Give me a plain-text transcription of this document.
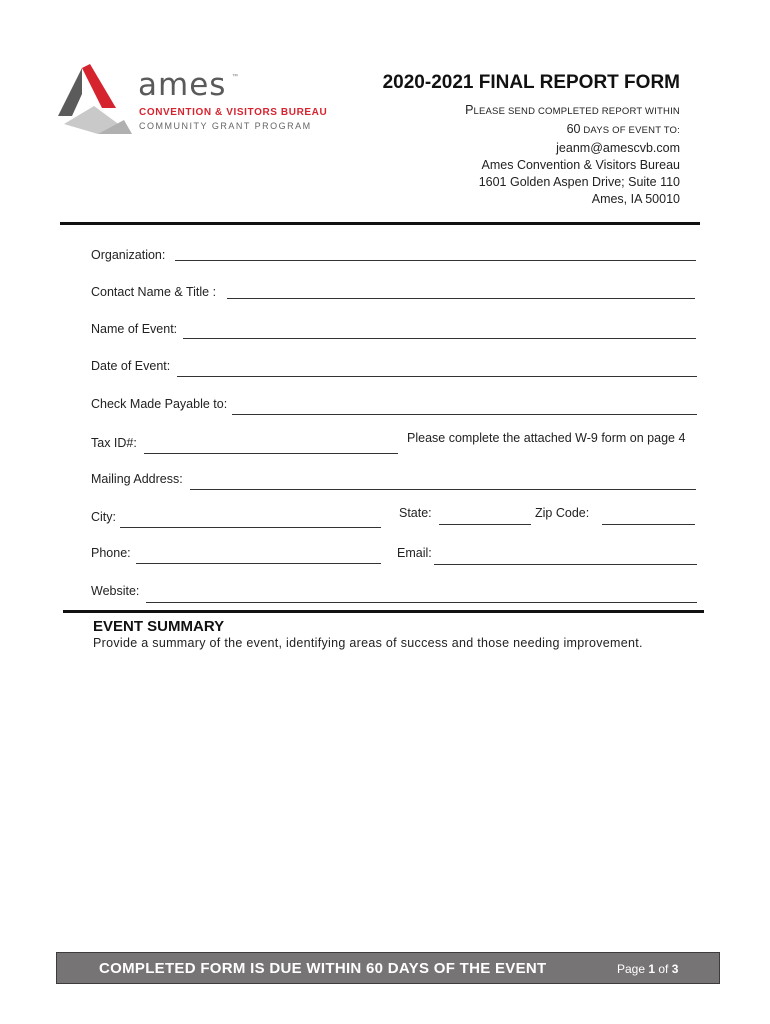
ames ™
CONVENTION & VISITORS BUREAU
COMMUNITY GRANT PROGRAM
2020-2021 FINAL REPORT FORM
PLEASE SEND COMPLETED REPORT WITHIN
60 DAYS OF EVENT TO:
jeanm@amescvb.com
Ames Convention & Visitors Bureau
1601 Golden Aspen Drive; Suite 110
Ames, IA 50010
Organization:
Contact Name & Title :
Name of Event:
Date of Event:
Check Made Payable to:
Tax ID#:	Please complete the attached W-9 form on page 4
Mailing Address:
City:	State:	Zip Code:
Phone:	Email:
Website:
EVENT SUMMARY
Provide a summary of the event, identifying areas of success and those needing improvement.
COMPLETED FORM IS DUE WITHIN 60 DAYS OF THE EVENT	Page 1 of 3
